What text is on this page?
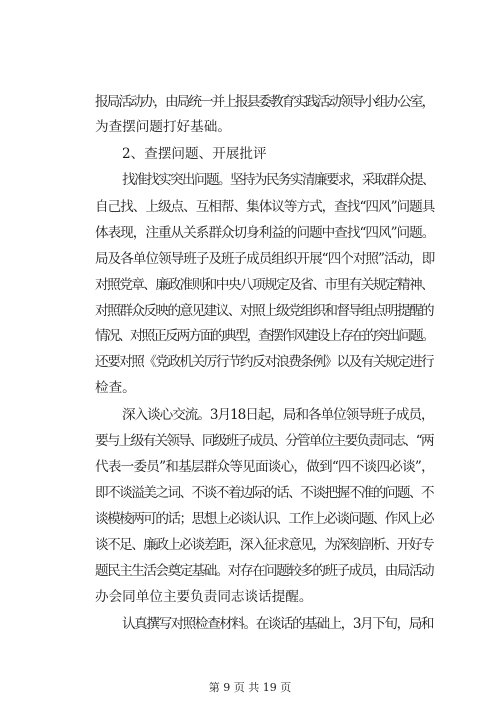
报局活动办，由局统一并上报县委教育实践活动领导小组办公室，
为查摆问题打好基础。
2、查摆问题、开展批评
找准找实突出问题。坚持为民务实清廉要求，采取群众提、
自己找、上级点、互相帮、集体议等方式，查找“四风”问题具
体表现，注重从关系群众切身利益的问题中查找“四风”问题。
局及各单位领导班子及班子成员组织开展“四个对照”活动，即
对照党章、廉政准则和中央八项规定及省、市里有关规定精神、
对照群众反映的意见建议、对照上级党组织和督导组点明提醒的
情况、对照正反两方面的典型，查摆作风建设上存在的突出问题。
还要对照《党政机关厉行节约反对浪费条例》以及有关规定进行
检查。
深入谈心交流。3月18日起，局和各单位领导班子成员，
要与上级有关领导、同级班子成员、分管单位主要负责同志、“两
代表一委员”和基层群众等见面谈心，做到“四不谈四必谈”，
即不谈溢美之词、不谈不着边际的话、不谈把握不准的问题、不
谈模棱两可的话；思想上必谈认识、工作上必谈问题、作风上必
谈不足、廉政上必谈差距，深入征求意见，为深刻剖析、开好专
题民主生活会奠定基础。对存在问题较多的班子成员，由局活动
办会同单位主要负责同志谈话提醒。
认真撰写对照检查材料。在谈话的基础上，3月下旬，局和
第 9 页 共 19 页
